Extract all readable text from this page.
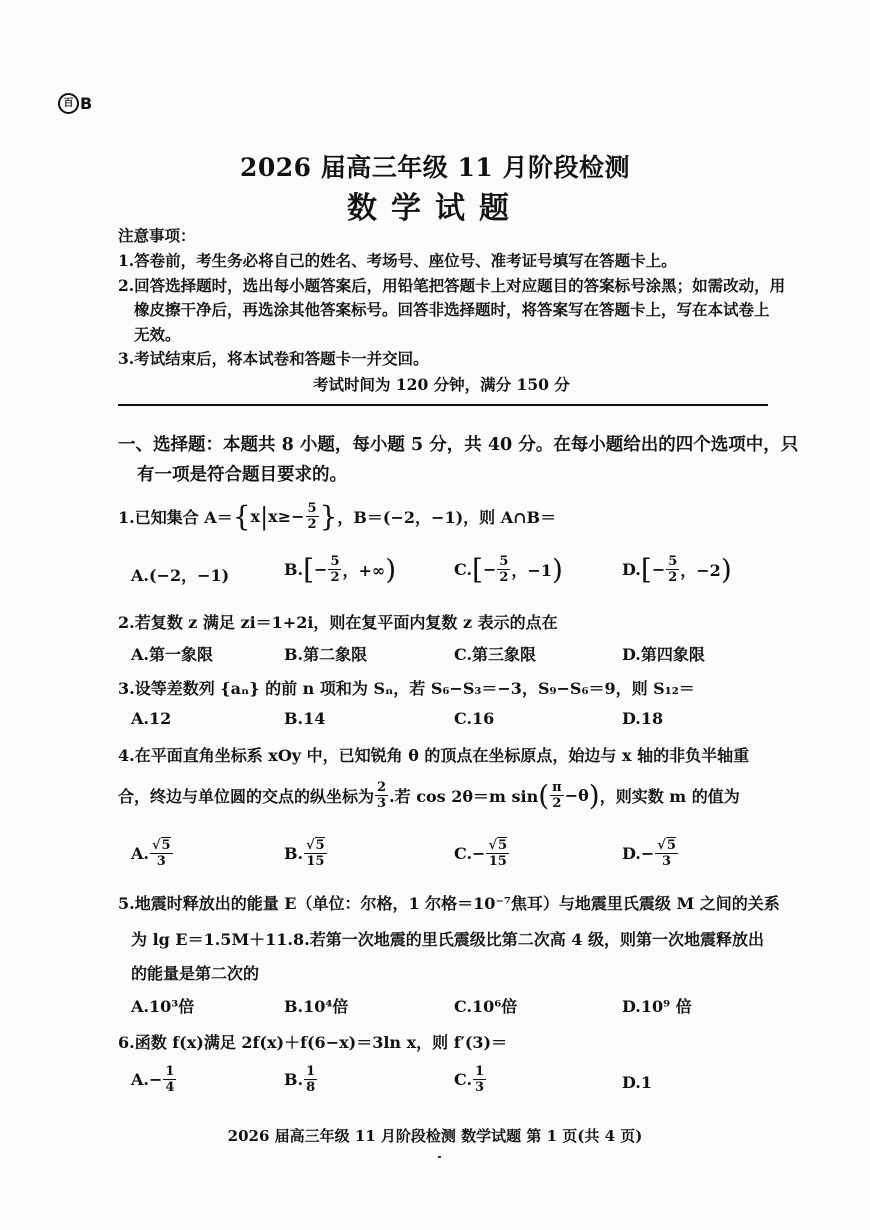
百 B
2026 届高三年级 11 月阶段检测
数学试题
注意事项：
1.答卷前，考生务必将自己的姓名、考场号、座位号、准考证号填写在答题卡上。
2.回答选择题时，选出每小题答案后，用铅笔把答题卡上对应题目的答案标号涂黑；如需改动，用
橡皮擦干净后，再选涂其他答案标号。回答非选择题时，将答案写在答题卡上，写在本试卷上
无效。
3.考试结束后，将本试卷和答题卡一并交回。
考试时间为 120 分钟，满分 150 分
一、选择题：本题共 8 小题，每小题 5 分，共 40 分。在每小题给出的四个选项中，只
有一项是符合题目要求的。
1.已知集合 A＝ { x | $x\ge- \frac{5}{2}$ } ，B＝(−2，−1)，则 A∩B＝
A.(−2，−1)	B. [ − $\frac{5}{2}$ ，+∞ )	C. [ − $\frac{5}{2}$ ，−1 )	D. [ − $\frac{5}{2}$ ，−2 )
2.若复数 z 满足 zi＝1+2i，则在复平面内复数 z 表示的点在
A.第一象限	B.第二象限	C.第三象限	D.第四象限
3.设等差数列 {aₙ} 的前 n 项和为 Sₙ，若 S₆−S₃＝−3，S₉−S₆＝9，则 S₁₂＝
A.12	B.14	C.16	D.18
4.在平面直角坐标系 xOy 中，已知锐角 θ 的顶点在坐标原点，始边与 x 轴的非负半轴重
合，终边与单位圆的交点的纵坐标为 $\frac{2}{3}$ .若 cos 2θ＝m sin ( $\frac{\pi}{2} -\theta$ ) ，则实数 m 的值为
A. $\frac{√5}{3}$	B. $\frac{√5}{15}$	$C.- \frac{√5}{15}$	$D.- \frac{√5}{3}$
5.地震时释放出的能量 E（单位：尔格，1 尔格＝10⁻⁷焦耳）与地震里氏震级 M 之间的关系
为 lg E＝1.5M＋11.8.若第一次地震的里氏震级比第二次高 4 级，则第一次地震释放出
的能量是第二次的
A.10³倍	B.10⁴倍	C.10⁶倍	D.10⁹ 倍
6.函数 f(x)满足 2f(x)＋f(6−x)＝3ln x，则 f′(3)＝
$A.- \frac{1}{4}$	B. $\frac{1}{8}$	C. $\frac{1}{3}$	D.1
2026 届高三年级 11 月阶段检测 数学试题 第 1 页(共 4 页)
